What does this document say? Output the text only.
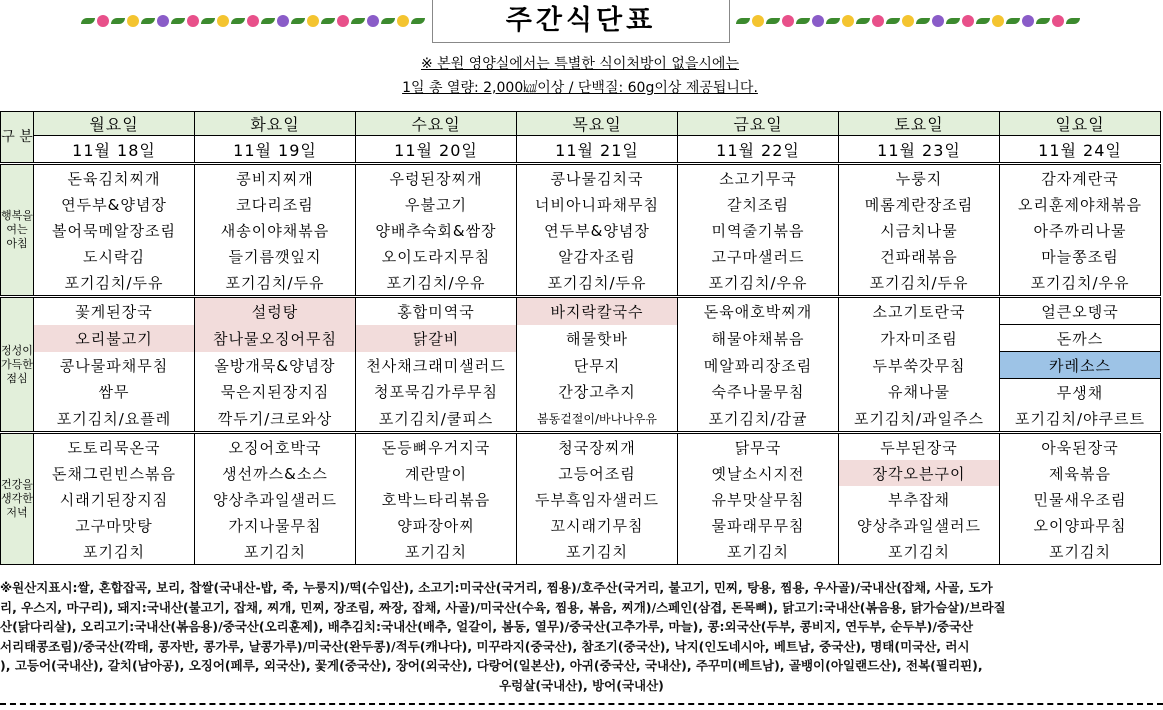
주간식단표
※ 본원 영양실에서는 특별한 식이처방이 없을시에는
1일 총 열량: 2,000㎉이상 / 단백질: 60g이상 제공됩니다.
구 분	월요일	화요일	수요일	목요일	금요일	토요일	일요일
	11월 18일	11월 19일	11월 20일	11월 21일	11월 22일	11월 23일	11월 24일
행복을 여는 아침	돈육김치찌개	콩비지찌개	우렁된장찌개	콩나물김치국	소고기무국	누룽지	감자계란국
	연두부&양념장	코다리조림	우불고기	너비아니파채무침	갈치조림	메롬계란장조림	오리훈제야채볶음
	볼어묵메알장조림	새송이야채볶음	양배추숙회&쌈장	연두부&양념장	미역줄기볶음	시금치나물	아주까리나물
	도시락김	들기름깻잎지	오이도라지무침	알감자조림	고구마샐러드	건파래볶음	마늘쫑조림
	포기김치/두유	포기김치/두유	포기김치/우유	포기김치/두유	포기김치/우유	포기김치/두유	포기김치/우유
정성이 가득한 점심	꽃게된장국	설렁탕	홍합미역국	바지락칼국수	돈육애호박찌개	소고기토란국	얼큰오뎅국
	오리불고기	참나물오징어무침	닭갈비	해물핫바	해물야채볶음	가자미조림	돈까스
	콩나물파채무침	올방개묵&양념장	천사채크래미샐러드	단무지	메알꽈리장조림	두부쑥갓무침	카레소스
	쌈무	묵은지된장지짐	청포묵김가루무침	간장고추지	숙주나물무침	유채나물	무생채
	포기김치/요플레	깍두기/크로와상	포기김치/쿨피스	봄동겉절이/바나나우유	포기김치/감귤	포기김치/과일주스	포기김치/야쿠르트
건강을 생각한 저녁	도토리묵온국	오징어호박국	돈등뼈우거지국	청국장찌개	닭무국	두부된장국	아욱된장국
	돈채그린빈스볶음	생선까스&소스	계란말이	고등어조림	옛날소시지전	장각오븐구이	제육볶음
	시래기된장지짐	양상추과일샐러드	호박느타리볶음	두부흑임자샐러드	유부맛살무침	부추잡채	민물새우조림
	고구마맛탕	가지나물무침	양파장아찌	꼬시래기무침	물파래무무침	양상추과일샐러드	오이양파무침
	포기김치	포기김치	포기김치	포기김치	포기김치	포기김치	포기김치
※원산지표시:쌀, 혼합잡곡, 보리, 찹쌀(국내산-밥, 죽, 누룽지)/떡(수입산), 소고기:미국산(국거리, 찜용)/호주산(국거리, 불고기, 민찌, 탕용, 찜용, 우사골)/국내산(잡채, 사골, 도가
리, 우스지, 마구리), 돼지:국내산(불고기, 잡채, 찌개, 민찌, 장조림, 짜장, 잡채, 사골)/미국산(수육, 찜용, 볶음, 찌개)/스페인(삼겹, 돈목뼈), 닭고기:국내산(볶음용, 닭가슴살)/브라질
산(닭다리살), 오리고기:국내산(볶음용)/중국산(오리훈제), 배추김치:국내산(배추, 얼갈이, 봄동, 열무)/중국산(고추가루, 마늘), 콩:외국산(두부, 콩비지, 연두부, 순두부)/중국산
서리태콩조림)/중국산(깍태, 콩자반, 콩가루, 날콩가루)/미국산(완두콩)/적두(캐나다), 미꾸라지(중국산), 참조기(중국산), 낙지(인도네시아, 베트남, 중국산), 명태(미국산, 러시
), 고등어(국내산), 갈치(남아공), 오징어(페루, 외국산), 꽃게(중국산), 장어(외국산), 다랑어(일본산), 아귀(중국산, 국내산), 주꾸미(베트남), 골뱅이(아일랜드산), 전복(필리핀),
우렁살(국내산), 방어(국내산)
